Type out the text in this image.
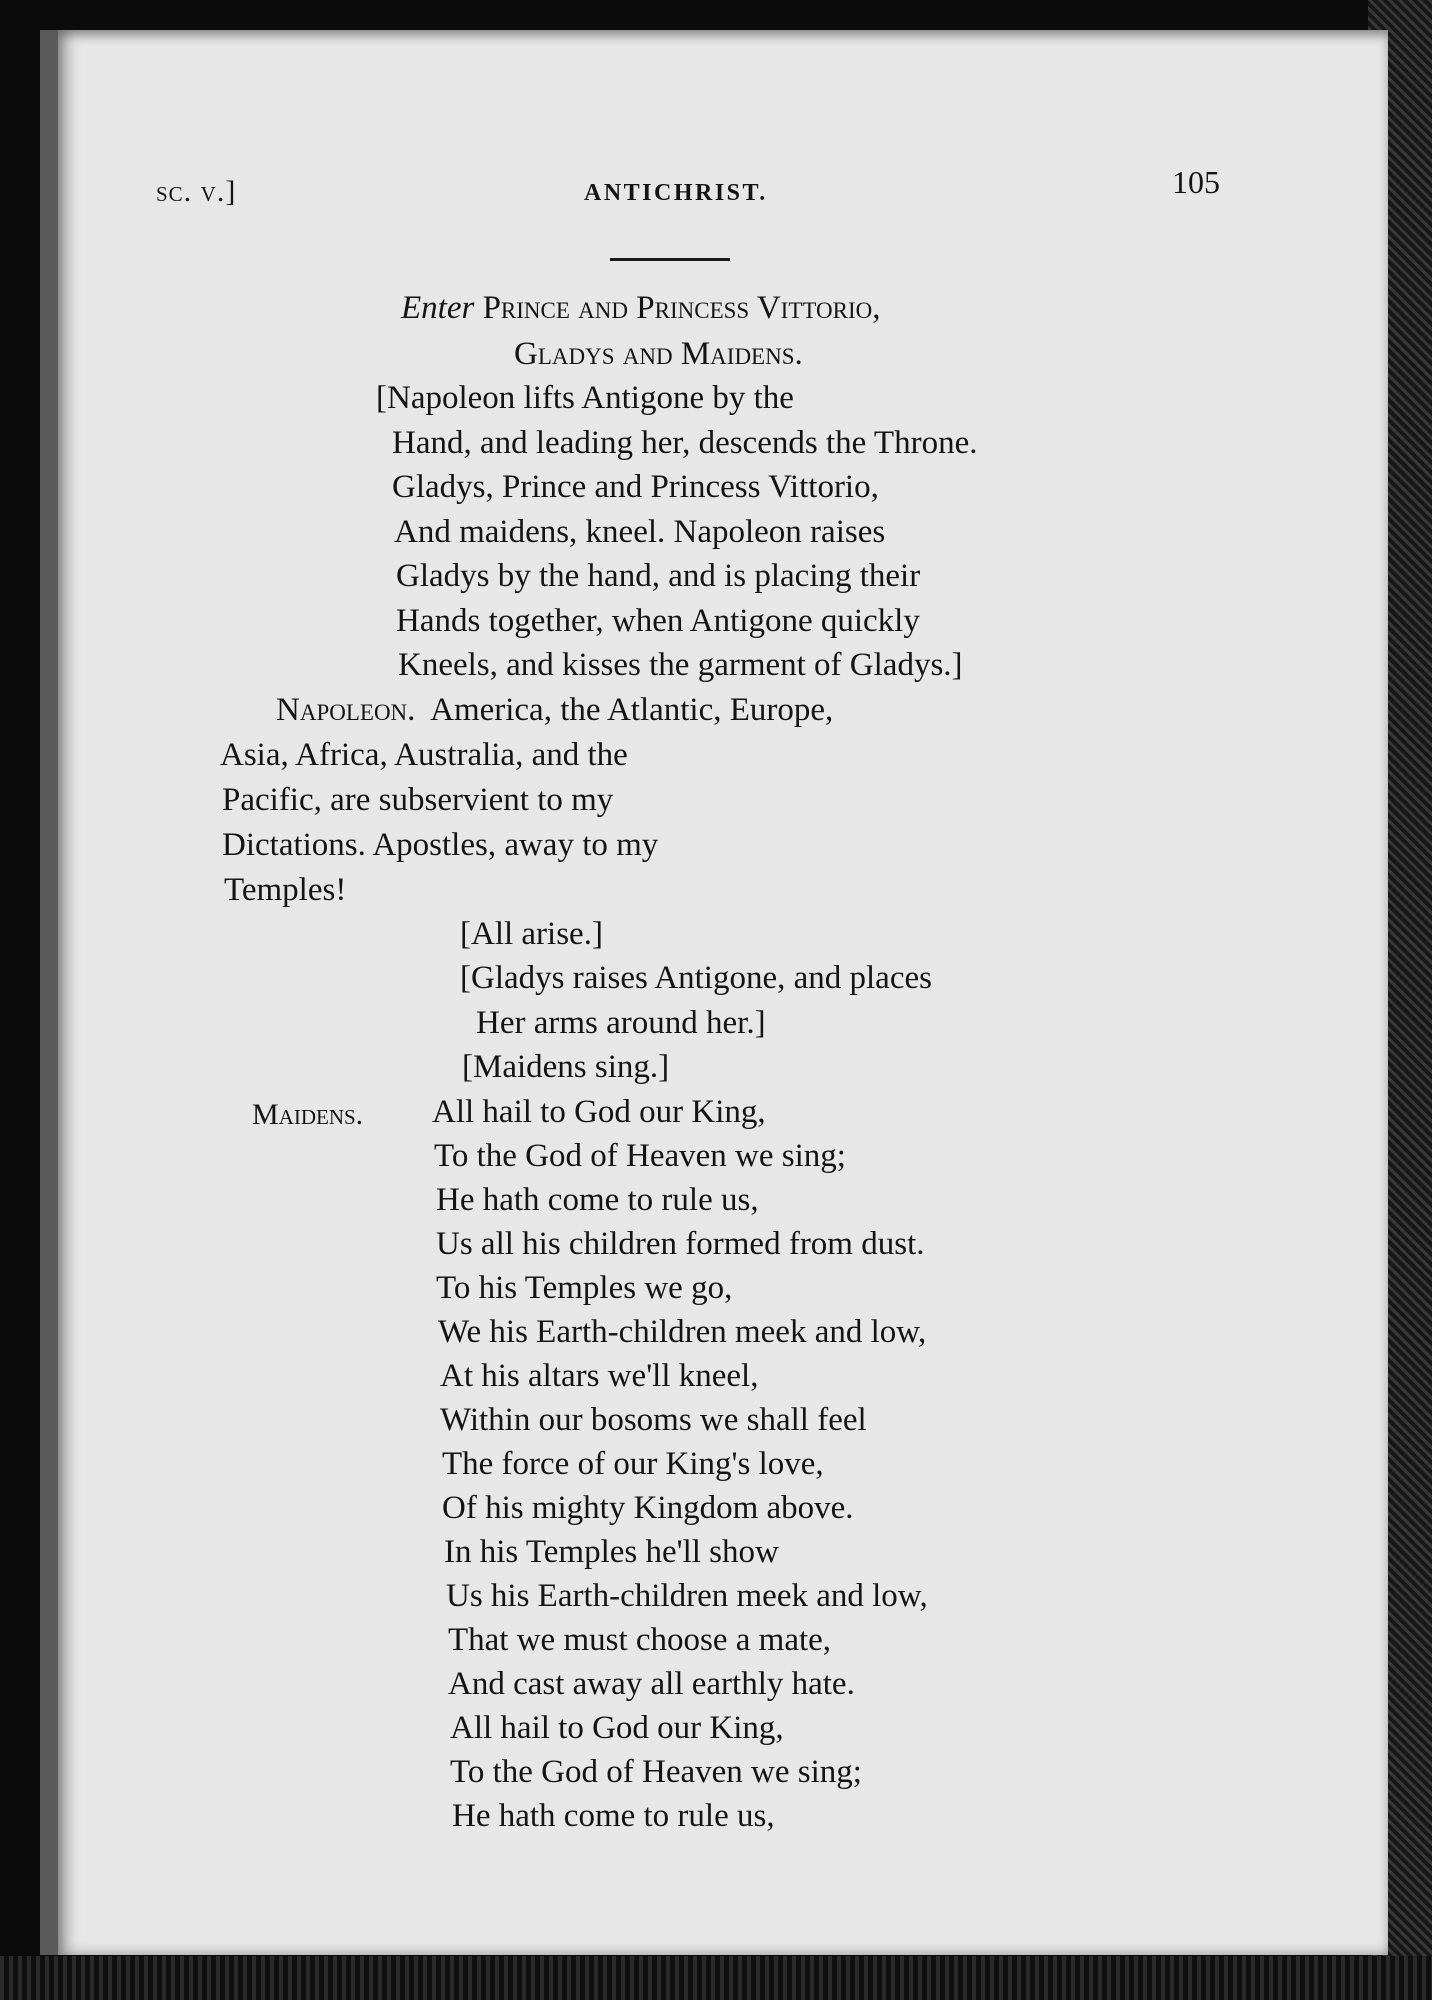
sc. v.]	ANTICHRIST.	105
Enter Prince and Princess Vittorio,
Gladys and Maidens.
[Napoleon lifts Antigone by the
Hand, and leading her, descends the Throne.
Gladys, Prince and Princess Vittorio,
And maidens, kneel. Napoleon raises
Gladys by the hand, and is placing their
Hands together, when Antigone quickly
Kneels, and kisses the garment of Gladys.]
Napoleon. America, the Atlantic, Europe,
Asia, Africa, Australia, and the
Pacific, are subservient to my
Dictations. Apostles, away to my
Temples!
[All arise.]
[Gladys raises Antigone, and places
Her arms around her.]
[Maidens sing.]
Maidens. All hail to God our King,
To the God of Heaven we sing;
He hath come to rule us,
Us all his children formed from dust.
To his Temples we go,
We his Earth-children meek and low,
At his altars we'll kneel,
Within our bosoms we shall feel
The force of our King's love,
Of his mighty Kingdom above.
In his Temples he'll show
Us his Earth-children meek and low,
That we must choose a mate,
And cast away all earthly hate.
All hail to God our King,
To the God of Heaven we sing;
He hath come to rule us,
